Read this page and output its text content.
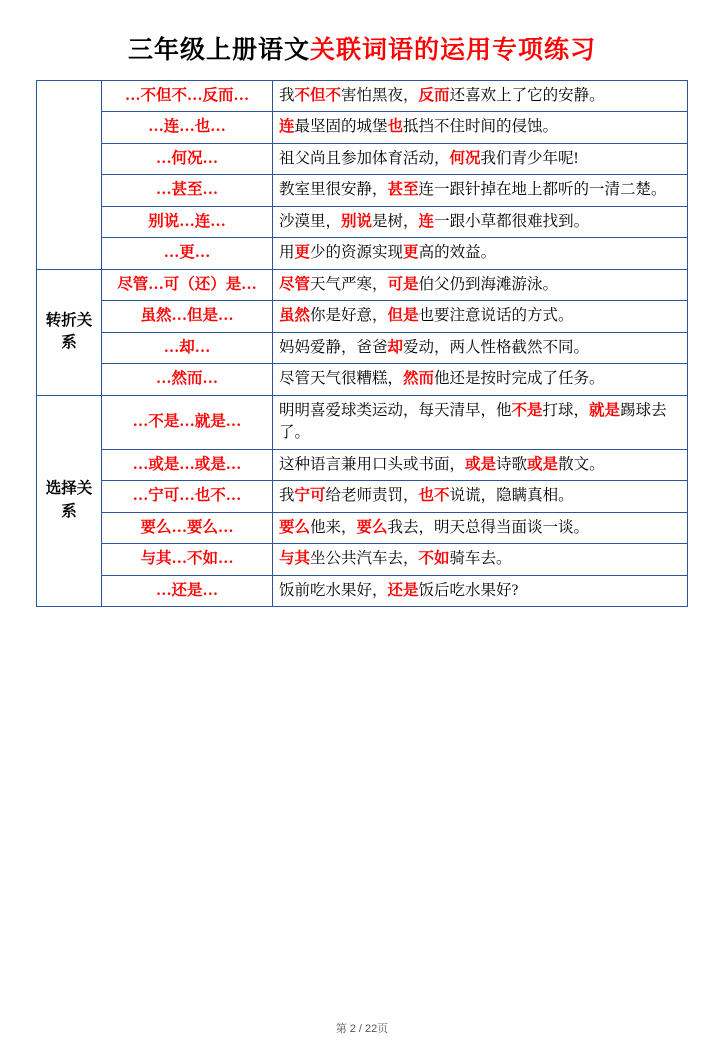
三年级上册语文关联词语的运用专项练习
	…不但不…反而…	我不但不害怕黑夜，反而还喜欢上了它的安静。
	…连…也…	连最坚固的城堡也抵挡不住时间的侵蚀。
	…何况…	祖父尚且参加体育活动，何况我们青少年呢!
	…甚至…	教室里很安静，甚至连一跟针掉在地上都听的一清二楚。
	别说…连…	沙漠里，别说是树，连一跟小草都很难找到。
	…更…	用更少的资源实现更高的效益。
转折关系	尽管…可（还）是…	尽管天气严寒，可是伯父仍到海滩游泳。
	虽然…但是…	虽然你是好意，但是也要注意说话的方式。
	…却…	妈妈爱静，爸爸却爱动，两人性格截然不同。
	…然而…	尽管天气很糟糕，然而他还是按时完成了任务。
选择关系	…不是…就是…	明明喜爱球类运动，每天清早，他不是打球，就是踢球去了。
	…或是…或是…	这种语言兼用口头或书面，或是诗歌或是散文。
	…宁可…也不…	我宁可给老师责罚，也不说谎，隐瞒真相。
	要么…要么…	要么他来，要么我去，明天总得当面谈一谈。
	与其…不如…	与其坐公共汽车去，不如骑车去。
	…还是…	饭前吃水果好，还是饭后吃水果好?
第 2 / 22页
